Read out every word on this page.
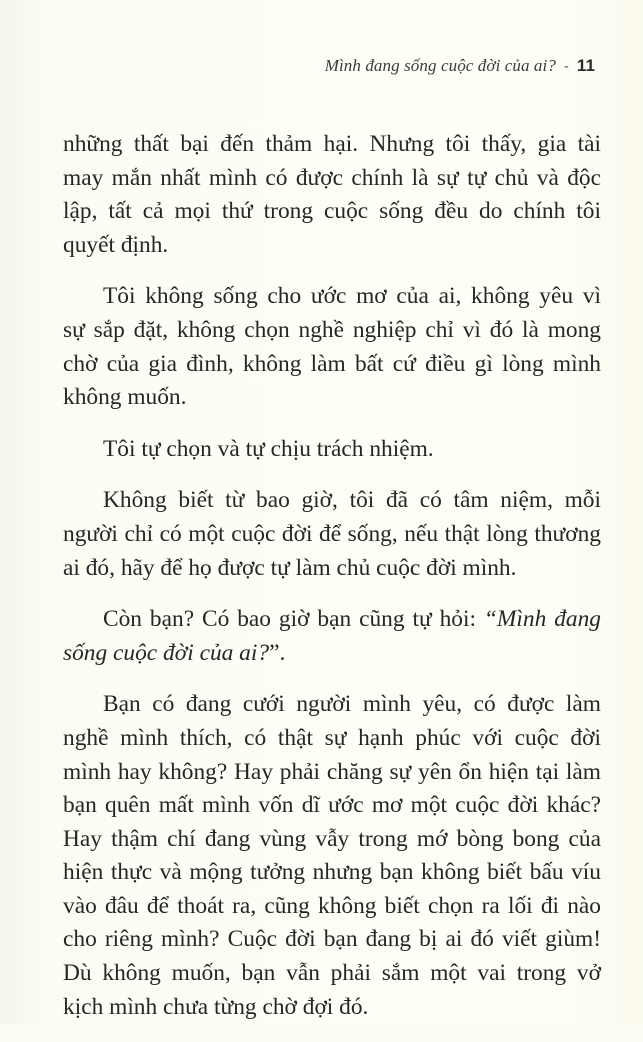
Mình đang sống cuộc đời của ai? - 11
những thất bại đến thảm hại. Nhưng tôi thấy, gia tài
may mắn nhất mình có được chính là sự tự chủ và độc
lập, tất cả mọi thứ trong cuộc sống đều do chính tôi
quyết định.
Tôi không sống cho ước mơ của ai, không yêu vì
sự sắp đặt, không chọn nghề nghiệp chỉ vì đó là mong
chờ của gia đình, không làm bất cứ điều gì lòng mình
không muốn.
Tôi tự chọn và tự chịu trách nhiệm.
Không biết từ bao giờ, tôi đã có tâm niệm, mỗi
người chỉ có một cuộc đời để sống, nếu thật lòng thương
ai đó, hãy để họ được tự làm chủ cuộc đời mình.
Còn bạn? Có bao giờ bạn cũng tự hỏi: “Mình đang
sống cuộc đời của ai?”.
Bạn có đang cưới người mình yêu, có được làm
nghề mình thích, có thật sự hạnh phúc với cuộc đời
mình hay không? Hay phải chăng sự yên ổn hiện tại làm
bạn quên mất mình vốn dĩ ước mơ một cuộc đời khác?
Hay thậm chí đang vùng vẫy trong mớ bòng bong của
hiện thực và mộng tưởng nhưng bạn không biết bấu víu
vào đâu để thoát ra, cũng không biết chọn ra lối đi nào
cho riêng mình? Cuộc đời bạn đang bị ai đó viết giùm!
Dù không muốn, bạn vẫn phải sắm một vai trong vở
kịch mình chưa từng chờ đợi đó.
